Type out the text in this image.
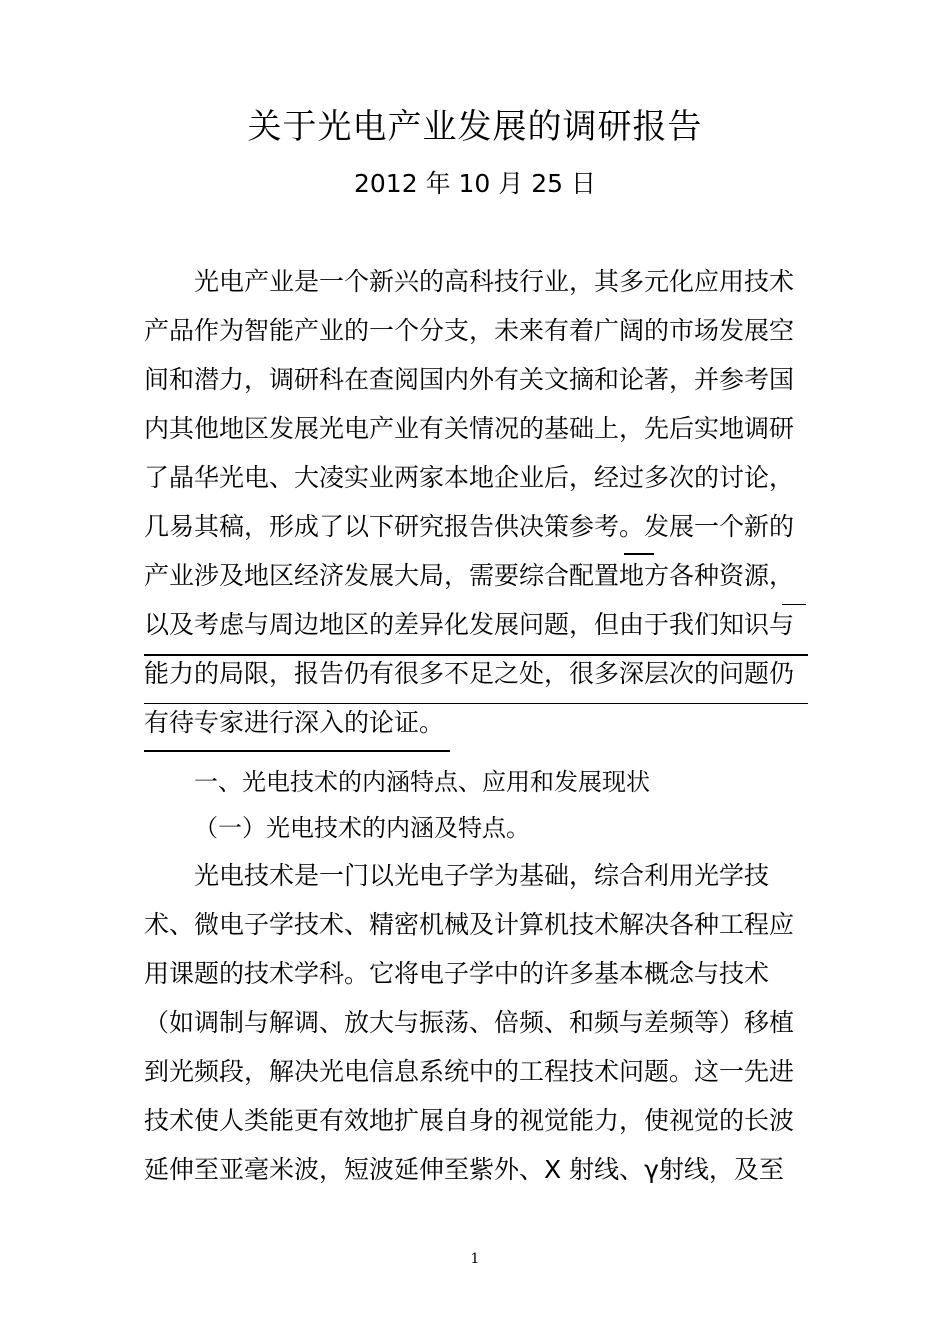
关于光电产业发展的调研报告
2012 年 10 月 25 日
光电产业是一个新兴的高科技行业，其多元化应用技术
产品作为智能产业的一个分支，未来有着广阔的市场发展空
间和潜力，调研科在查阅国内外有关文摘和论著，并参考国
内其他地区发展光电产业有关情况的基础上，先后实地调研
了晶华光电、大凌实业两家本地企业后，经过多次的讨论，
几易其稿，形成了以下研究报告供决策参考。发展一个新的
产业涉及地区经济发展大局，需要综合配置地方各种资源，
以及考虑与周边地区的差异化发展问题，但由于我们知识与
能力的局限，报告仍有很多不足之处，很多深层次的问题仍
有待专家进行深入的论证。
一、光电技术的内涵特点、应用和发展现状
（一）光电技术的内涵及特点。
光电技术是一门以光电子学为基础，综合利用光学技
术、微电子学技术、精密机械及计算机技术解决各种工程应
用课题的技术学科。它将电子学中的许多基本概念与技术
（如调制与解调、放大与振荡、倍频、和频与差频等）移植
到光频段，解决光电信息系统中的工程技术问题。这一先进
技术使人类能更有效地扩展自身的视觉能力，使视觉的长波
延伸至亚毫米波，短波延伸至紫外、X 射线、γ射线，及至
1
